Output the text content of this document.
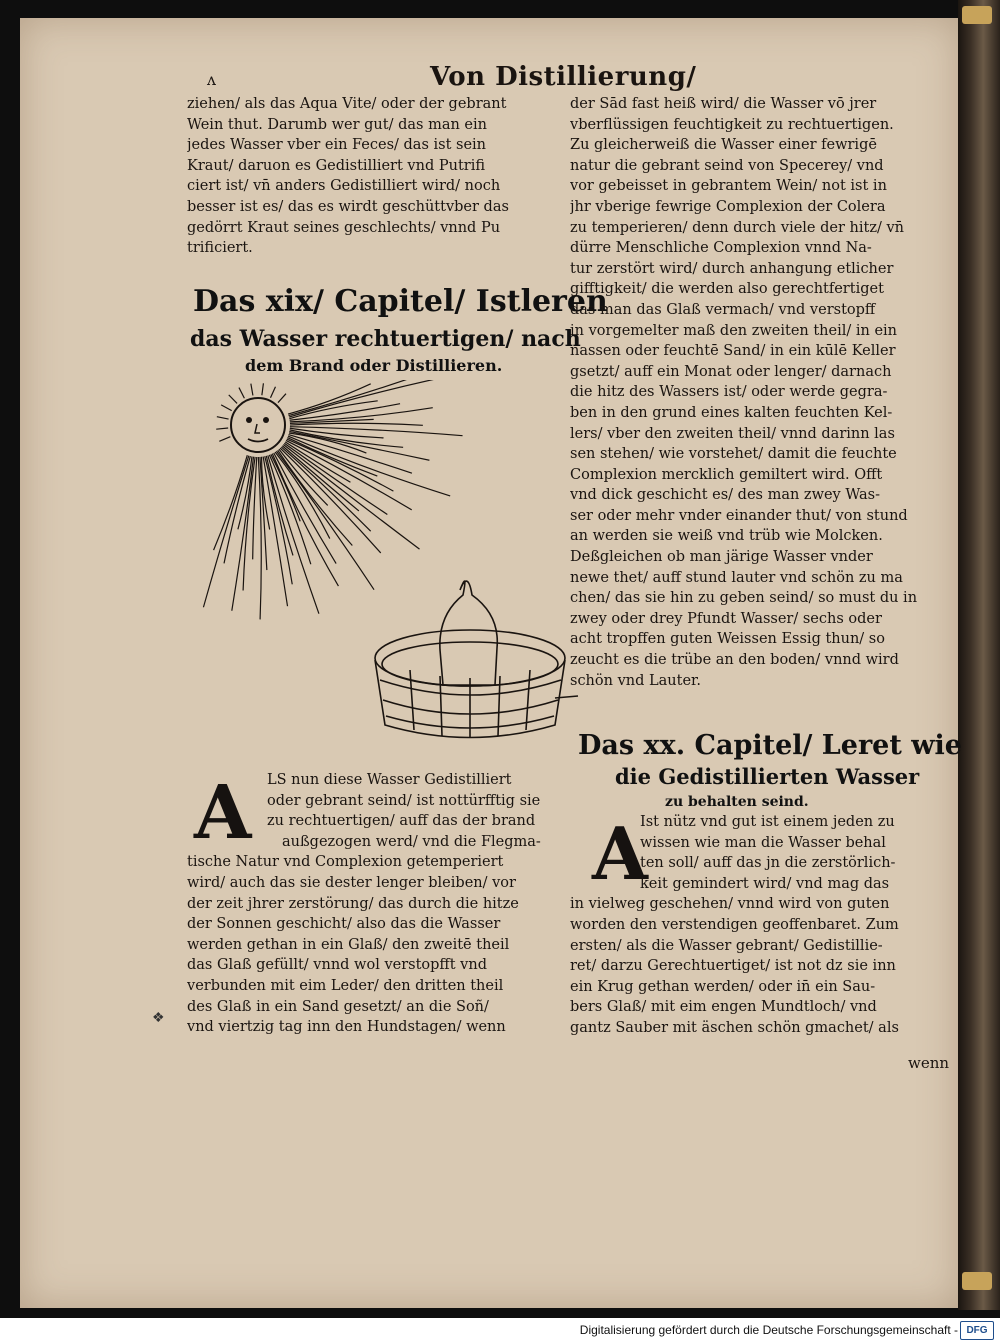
ʌ	Von Distillierung/
ziehen/ als das Aqua Vite/ oder der gebrant
Wein thut. Darumb wer gut/ das man ein
jedes Wasser vber ein Feces/ das ist sein
Kraut/ daruon es Gedistilliert vnd Putrifi
ciert ist/ vn̄ anders Gedistilliert wird/ noch
besser ist es/ das es wirdt geschüttvber das
gedörrt Kraut seines geschlechts/ vnnd Pu
trificiert.
Das xix/ Capitel/ Istleren
das Wasser rechtuertigen/ nach
dem Brand oder Distillieren.
der Sād fast heiß wird/ die Wasser vō jrer
vberflüssigen feuchtigkeit zu rechtuertigen.
Zu gleicherweiß die Wasser einer fewrigē
natur die gebrant seind von Specerey/ vnd
vor gebeisset in gebrantem Wein/ not ist in
jhr vberige fewrige Complexion der Colera
zu temperieren/ denn durch viele der hitz/ vn̄
dürre Menschliche Complexion vnnd Na-
tur zerstört wird/ durch anhangung etlicher
gifftigkeit/ die werden also gerechtfertiget
das man das Glaß vermach/ vnd verstopff
in vorgemelter maß den zweiten theil/ in ein
nassen oder feuchtē Sand/ in ein kūlē Keller
gsetzt/ auff ein Monat oder lenger/ darnach
die hitz des Wassers ist/ oder werde gegra-
ben in den grund eines kalten feuchten Kel-
lers/ vber den zweiten theil/ vnnd darinn las
sen stehen/ wie vorstehet/ damit die feuchte
Complexion mercklich gemiltert wird. Offt
vnd dick geschicht es/ des man zwey Was-
ser oder mehr vnder einander thut/ von stund
an werden sie weiß vnd trüb wie Molcken.
Deßgleichen ob man järige Wasser vnder
newe thet/ auff stund lauter vnd schön zu ma
chen/ das sie hin zu geben seind/ so must du in
zwey oder drey Pfundt Wasser/ sechs oder
acht tropffen guten Weissen Essig thun/ so
zeucht es die trübe an den boden/ vnnd wird
schön vnd Lauter.
Das xx. Capitel/ Leret wie
die Gedistillierten Wasser
zu behalten seind.
A	LS nun diese Wasser Gedistilliert
oder gebrant seind/ ist nottürfftig sie
zu rechtuertigen/ auff das der brand
außgezogen werd/ vnd die Flegma-
tische Natur vnd Complexion getemperiert
wird/ auch das sie dester lenger bleiben/ vor
der zeit jhrer zerstörung/ das durch die hitze
der Sonnen geschicht/ also das die Wasser
werden gethan in ein Glaß/ den zweitē theil
das Glaß gefüllt/ vnnd wol verstopfft vnd
verbunden mit eim Leder/ den dritten theil
des Glaß in ein Sand gesetzt/ an die Soñ/
vnd viertzig tag inn den Hundstagen/ wenn
A
Ist nütz vnd gut ist einem jeden zu
wissen wie man die Wasser behal
ten soll/ auff das jn die zerstörlich-
keit gemindert wird/ vnd mag das
in vielweg geschehen/ vnnd wird von guten
worden den verstendigen geoffenbaret. Zum
ersten/ als die Wasser gebrant/ Gedistillie-
ret/ darzu Gerechtuertiget/ ist not dz sie inn
ein Krug gethan werden/ oder in̄ ein Sau-
bers Glaß/ mit eim engen Mundtloch/ vnd
gantz Sauber mit äschen schön gmachet/ als
wenn
❖
Digitalisierung gefördert durch die Deutsche Forschungsgemeinschaft - DFG
